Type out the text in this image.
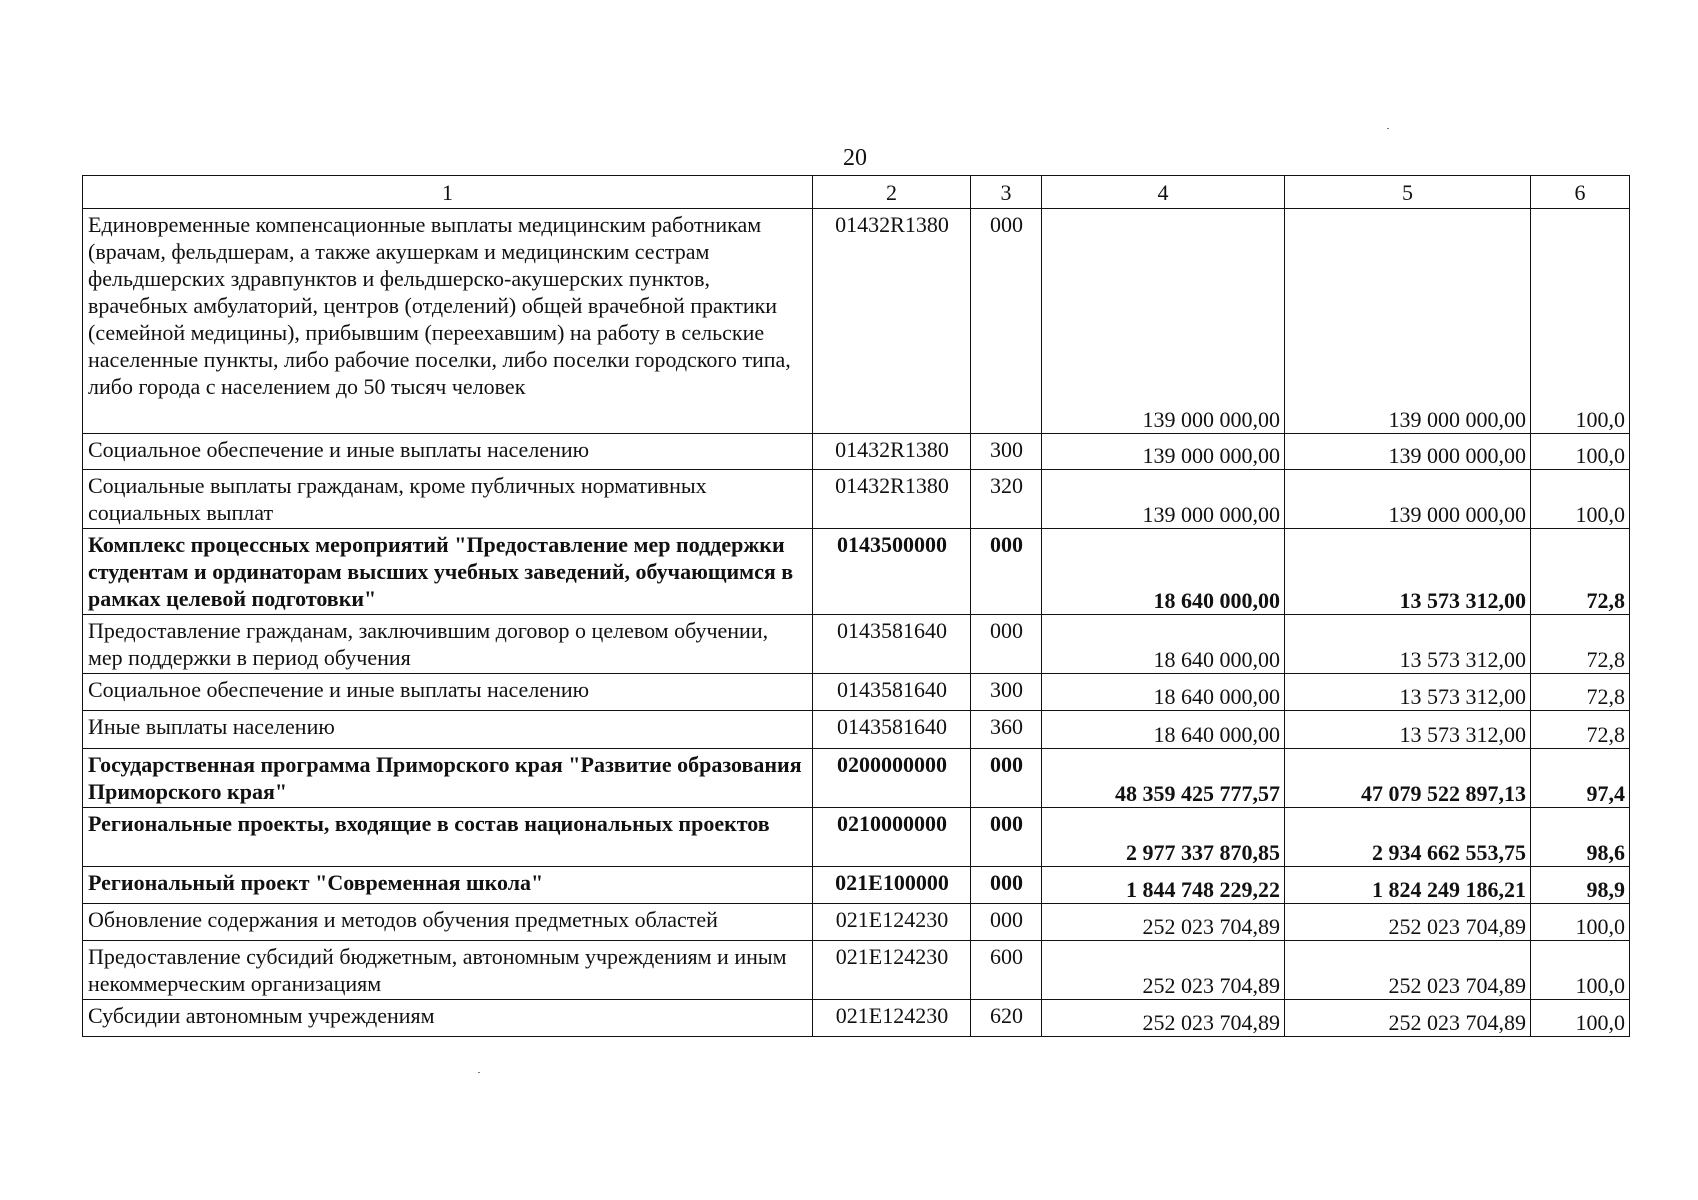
20
1	2	3	4	5	6
Единовременные компенсационные выплаты медицинским работникам (врачам, фельдшерам, а также акушеркам и медицинским сестрам фельдшерских здравпунктов и фельдшерско-акушерских пунктов, врачебных амбулаторий, центров (отделений) общей врачебной практики (семейной медицины), прибывшим (переехавшим) на работу в сельские населенные пункты, либо рабочие поселки, либо поселки городского типа, либо города с населением до 50 тысяч человек	01432R1380	000	139 000 000,00	139 000 000,00	100,0
Социальное обеспечение и иные выплаты населению	01432R1380	300	139 000 000,00	139 000 000,00	100,0
Социальные выплаты гражданам, кроме публичных нормативных социальных выплат	01432R1380	320	139 000 000,00	139 000 000,00	100,0
Комплекс процессных мероприятий "Предоставление мер поддержки студентам и ординаторам высших учебных заведений, обучающимся в рамках целевой подготовки"	0143500000	000	18 640 000,00	13 573 312,00	72,8
Предоставление гражданам, заключившим договор о целевом обучении, мер поддержки в период обучения	0143581640	000	18 640 000,00	13 573 312,00	72,8
Социальное обеспечение и иные выплаты населению	0143581640	300	18 640 000,00	13 573 312,00	72,8
Иные выплаты населению	0143581640	360	18 640 000,00	13 573 312,00	72,8
Государственная программа Приморского края "Развитие образования Приморского края"	0200000000	000	48 359 425 777,57	47 079 522 897,13	97,4
Региональные проекты, входящие в состав национальных проектов	0210000000	000	2 977 337 870,85	2 934 662 553,75	98,6
Региональный проект "Современная школа"	021E100000	000	1 844 748 229,22	1 824 249 186,21	98,9
Обновление содержания и методов обучения предметных областей	021E124230	000	252 023 704,89	252 023 704,89	100,0
Предоставление субсидий бюджетным, автономным учреждениям и иным некоммерческим организациям	021E124230	600	252 023 704,89	252 023 704,89	100,0
Субсидии автономным учреждениям	021E124230	620	252 023 704,89	252 023 704,89	100,0
